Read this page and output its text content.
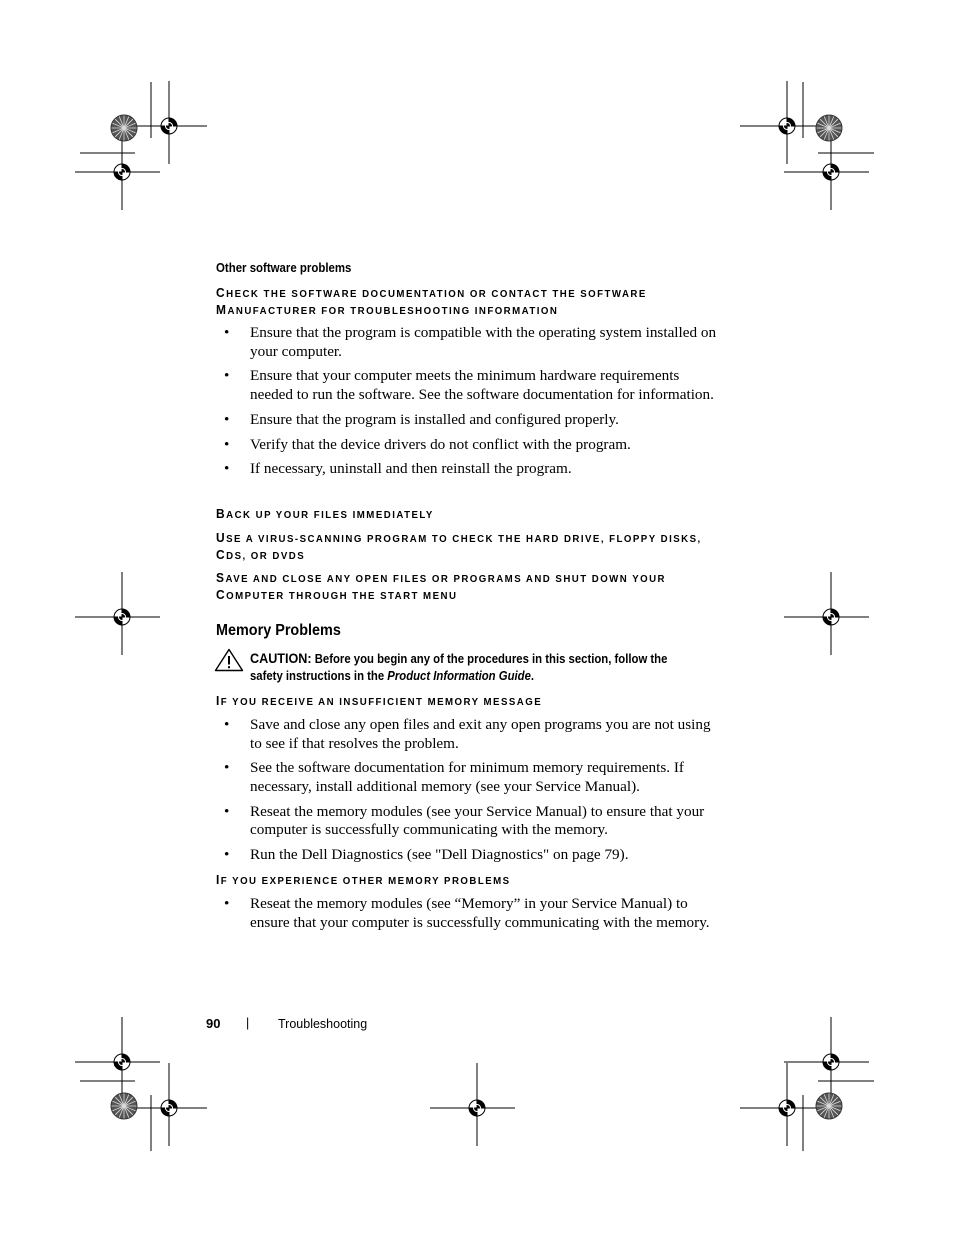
Other software problems
CHECK THE SOFTWARE DOCUMENTATION OR CONTACT THE SOFTWARE
MANUFACTURER FOR TROUBLESHOOTING INFORMATION
• Ensure that the program is compatible with the operating system installed on your computer.
• Ensure that your computer meets the minimum hardware requirements needed to run the software. See the software documentation for information.
• Ensure that the program is installed and configured properly.
• Verify that the device drivers do not conflict with the program.
• If necessary, uninstall and then reinstall the program.
BACK UP YOUR FILES IMMEDIATELY
USE A VIRUS-SCANNING PROGRAM TO CHECK THE HARD DRIVE, FLOPPY DISKS,
CDS, OR DVDS
SAVE AND CLOSE ANY OPEN FILES OR PROGRAMS AND SHUT DOWN YOUR
COMPUTER THROUGH THE START MENU
Memory Problems
CAUTION: Before you begin any of the procedures in this section, follow the
safety instructions in the Product Information Guide.
IF YOU RECEIVE AN INSUFFICIENT MEMORY MESSAGE
• Save and close any open files and exit any open programs you are not using to see if that resolves the problem.
• See the software documentation for minimum memory requirements. If necessary, install additional memory (see your Service Manual).
• Reseat the memory modules (see your Service Manual) to ensure that your computer is successfully communicating with the memory.
• Run the Dell Diagnostics (see "Dell Diagnostics" on page 79).
IF YOU EXPERIENCE OTHER MEMORY PROBLEMS
• Reseat the memory modules (see “Memory” in your Service Manual) to ensure that your computer is successfully communicating with the memory.
90 | Troubleshooting
